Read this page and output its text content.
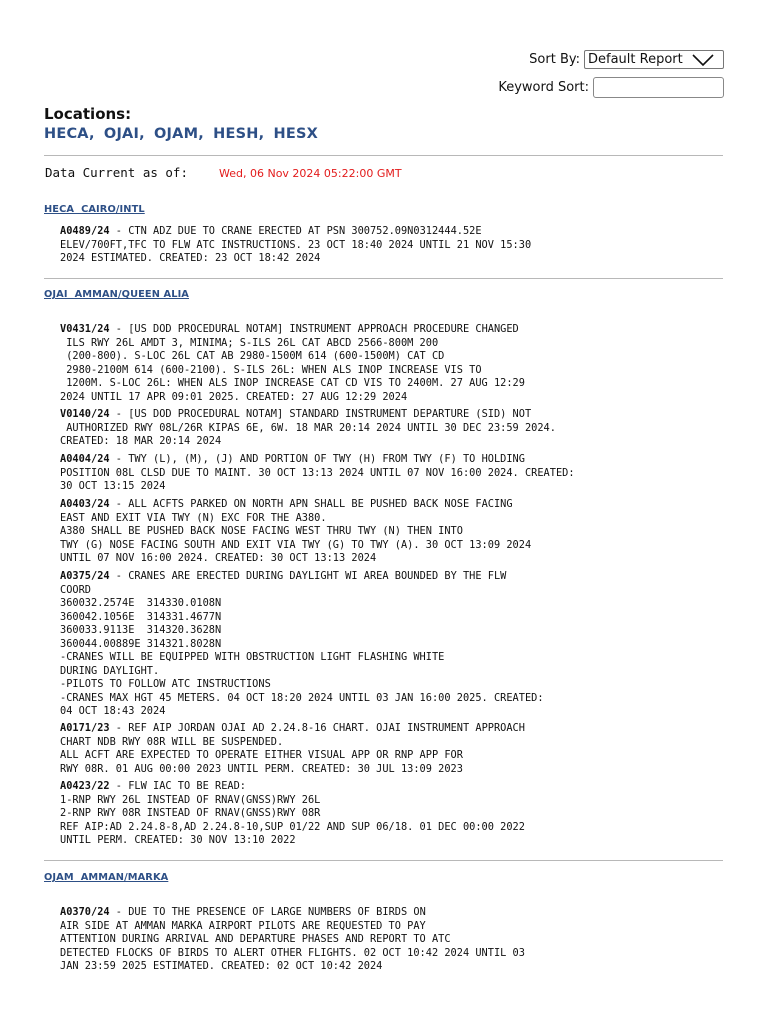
Sort By: Default Report
Keyword Sort:
Locations:
HECA, OJAI, OJAM, HESH, HESX
Data Current as of:	Wed, 06 Nov 2024 05:22:00 GMT
HECA  CAIRO/INTL
A0489/24 - CTN ADZ DUE TO CRANE ERECTED AT PSN 300752.09N0312444.52E
ELEV/700FT,TFC TO FLW ATC INSTRUCTIONS. 23 OCT 18:40 2024 UNTIL 21 NOV 15:30
2024 ESTIMATED. CREATED: 23 OCT 18:42 2024
OJAI  AMMAN/QUEEN ALIA
V0431/24 - [US DOD PROCEDURAL NOTAM] INSTRUMENT APPROACH PROCEDURE CHANGED
ILS RWY 26L AMDT 3, MINIMA; S-ILS 26L CAT ABCD 2566-800M 200
(200-800). S-LOC 26L CAT AB 2980-1500M 614 (600-1500M) CAT CD
2980-2100M 614 (600-2100). S-ILS 26L: WHEN ALS INOP INCREASE VIS TO
1200M. S-LOC 26L: WHEN ALS INOP INCREASE CAT CD VIS TO 2400M. 27 AUG 12:29
2024 UNTIL 17 APR 09:01 2025. CREATED: 27 AUG 12:29 2024
V0140/24 - [US DOD PROCEDURAL NOTAM] STANDARD INSTRUMENT DEPARTURE (SID) NOT
AUTHORIZED RWY 08L/26R KIPAS 6E, 6W. 18 MAR 20:14 2024 UNTIL 30 DEC 23:59 2024.
CREATED: 18 MAR 20:14 2024
A0404/24 - TWY (L), (M), (J) AND PORTION OF TWY (H) FROM TWY (F) TO HOLDING
POSITION 08L CLSD DUE TO MAINT. 30 OCT 13:13 2024 UNTIL 07 NOV 16:00 2024. CREATED:
30 OCT 13:15 2024
A0403/24 - ALL ACFTS PARKED ON NORTH APN SHALL BE PUSHED BACK NOSE FACING
EAST AND EXIT VIA TWY (N) EXC FOR THE A380.
A380 SHALL BE PUSHED BACK NOSE FACING WEST THRU TWY (N) THEN INTO
TWY (G) NOSE FACING SOUTH AND EXIT VIA TWY (G) TO TWY (A). 30 OCT 13:09 2024
UNTIL 07 NOV 16:00 2024. CREATED: 30 OCT 13:13 2024
A0375/24 - CRANES ARE ERECTED DURING DAYLIGHT WI AREA BOUNDED BY THE FLW
COORD
360032.2574E  314330.0108N
360042.1056E  314331.4677N
360033.9113E  314320.3628N
360044.00889E 314321.8028N
-CRANES WILL BE EQUIPPED WITH OBSTRUCTION LIGHT FLASHING WHITE
DURING DAYLIGHT.
-PILOTS TO FOLLOW ATC INSTRUCTIONS
-CRANES MAX HGT 45 METERS. 04 OCT 18:20 2024 UNTIL 03 JAN 16:00 2025. CREATED:
04 OCT 18:43 2024
A0171/23 - REF AIP JORDAN OJAI AD 2.24.8-16 CHART. OJAI INSTRUMENT APPROACH
CHART NDB RWY 08R WILL BE SUSPENDED.
ALL ACFT ARE EXPECTED TO OPERATE EITHER VISUAL APP OR RNP APP FOR
RWY 08R. 01 AUG 00:00 2023 UNTIL PERM. CREATED: 30 JUL 13:09 2023
A0423/22 - FLW IAC TO BE READ:
1-RNP RWY 26L INSTEAD OF RNAV(GNSS)RWY 26L
2-RNP RWY 08R INSTEAD OF RNAV(GNSS)RWY 08R
REF AIP:AD 2.24.8-8,AD 2.24.8-10,SUP 01/22 AND SUP 06/18. 01 DEC 00:00 2022
UNTIL PERM. CREATED: 30 NOV 13:10 2022
OJAM  AMMAN/MARKA
A0370/24 - DUE TO THE PRESENCE OF LARGE NUMBERS OF BIRDS ON
AIR SIDE AT AMMAN MARKA AIRPORT PILOTS ARE REQUESTED TO PAY
ATTENTION DURING ARRIVAL AND DEPARTURE PHASES AND REPORT TO ATC
DETECTED FLOCKS OF BIRDS TO ALERT OTHER FLIGHTS. 02 OCT 10:42 2024 UNTIL 03
JAN 23:59 2025 ESTIMATED. CREATED: 02 OCT 10:42 2024
